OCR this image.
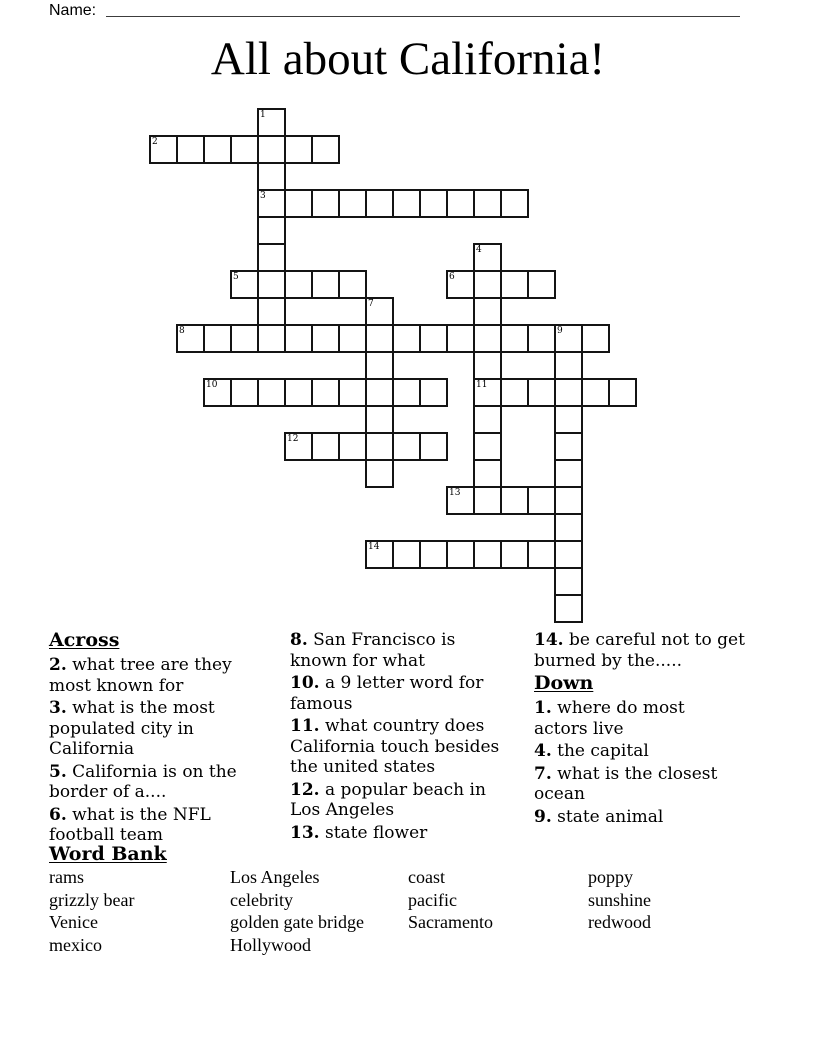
Name:
All about California!
1
3
2
4
11
5	6
7
8	9
10
12
13
14
Across
2. what tree are they
most known for
3. what is the most
populated city in
California
5. California is on the
border of a....
6. what is the NFL
football team
8. San Francisco is
known for what
10. a 9 letter word for
famous
11. what country does
California touch besides
the united states
12. a popular beach in
Los Angeles
13. state flower
14. be careful not to get
burned by the.....
Down
1. where do most
actors live
4. the capital
7. what is the closest
ocean
9. state animal
Word Bank
rams
grizzly bear
Venice
mexico
Los Angeles
celebrity
golden gate bridge
Hollywood
coast
pacific
Sacramento
poppy
sunshine
redwood
